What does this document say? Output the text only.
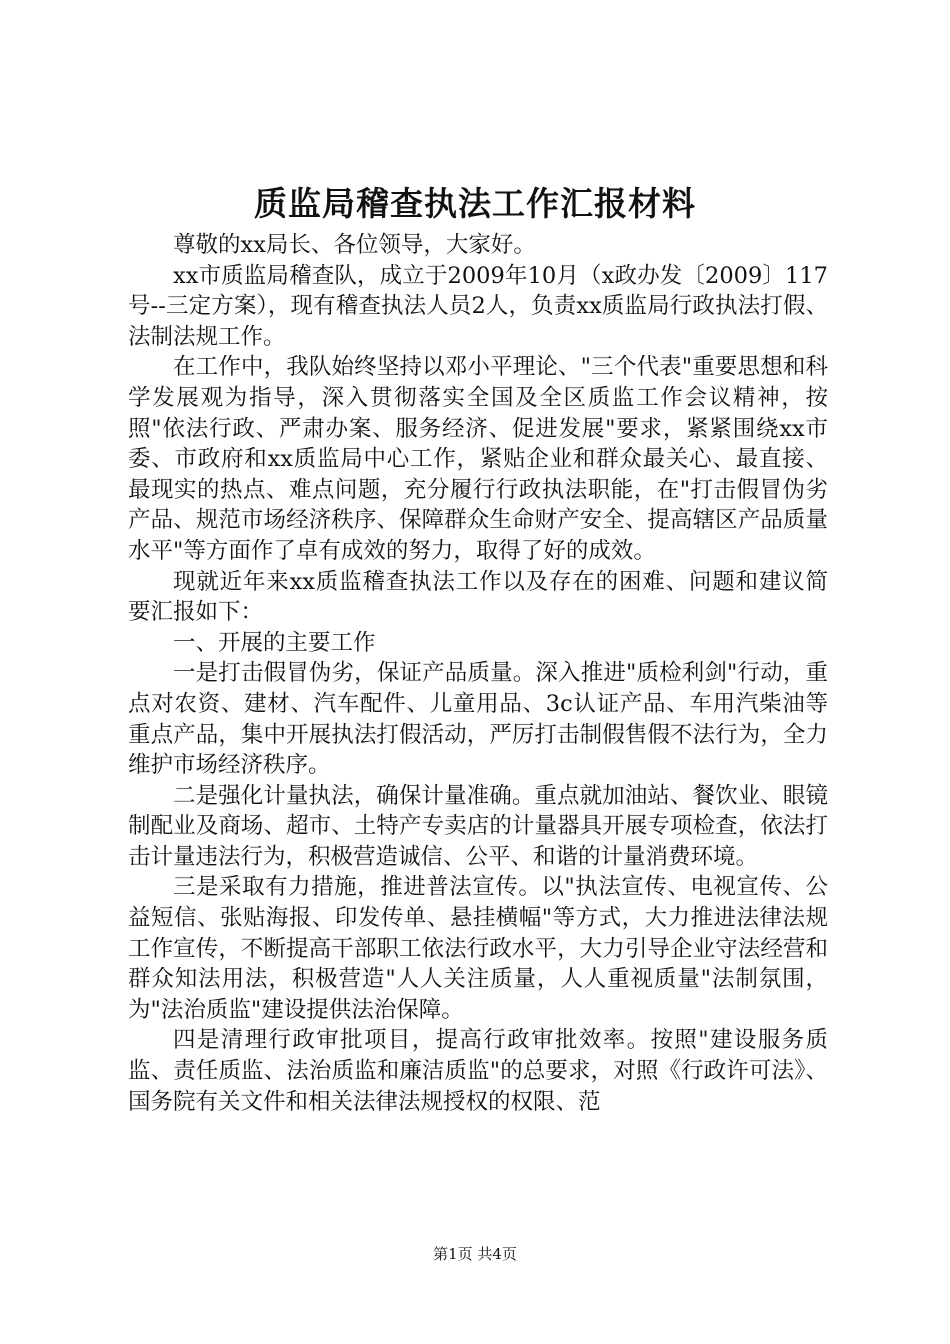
质监局稽查执法工作汇报材料

尊敬的xx局长、各位领导，大家好。

xx市质监局稽查队，成立于2009年10月（x政办发〔2009〕117号--三定方案），现有稽查执法人员2人，负责xx质监局行政执法打假、法制法规工作。

在工作中，我队始终坚持以邓小平理论、"三个代表"重要思想和科学发展观为指导，深入贯彻落实全国及全区质监工作会议精神，按照"依法行政、严肃办案、服务经济、促进发展"要求，紧紧围绕xx市委、市政府和xx质监局中心工作，紧贴企业和群众最关心、最直接、最现实的热点、难点问题，充分履行行政执法职能，在"打击假冒伪劣产品、规范市场经济秩序、保障群众生命财产安全、提高辖区产品质量水平"等方面作了卓有成效的努力，取得了好的成效。

现就近年来xx质监稽查执法工作以及存在的困难、问题和建议简要汇报如下：

一、开展的主要工作

一是打击假冒伪劣，保证产品质量。深入推进"质检利剑"行动，重点对农资、建材、汽车配件、儿童用品、3c认证产品、车用汽柴油等重点产品，集中开展执法打假活动，严厉打击制假售假不法行为，全力维护市场经济秩序。

二是强化计量执法，确保计量准确。重点就加油站、餐饮业、眼镜制配业及商场、超市、土特产专卖店的计量器具开展专项检查，依法打击计量违法行为，积极营造诚信、公平、和谐的计量消费环境。

三是采取有力措施，推进普法宣传。以"执法宣传、电视宣传、公益短信、张贴海报、印发传单、悬挂横幅"等方式，大力推进法律法规工作宣传，不断提高干部职工依法行政水平，大力引导企业守法经营和群众知法用法，积极营造"人人关注质量，人人重视质量"法制氛围，为"法治质监"建设提供法治保障。

四是清理行政审批项目，提高行政审批效率。按照"建设服务质监、责任质监、法治质监和廉洁质监"的总要求，对照《行政许可法》、国务院有关文件和相关法律法规授权的权限、范

第1页 共4页
